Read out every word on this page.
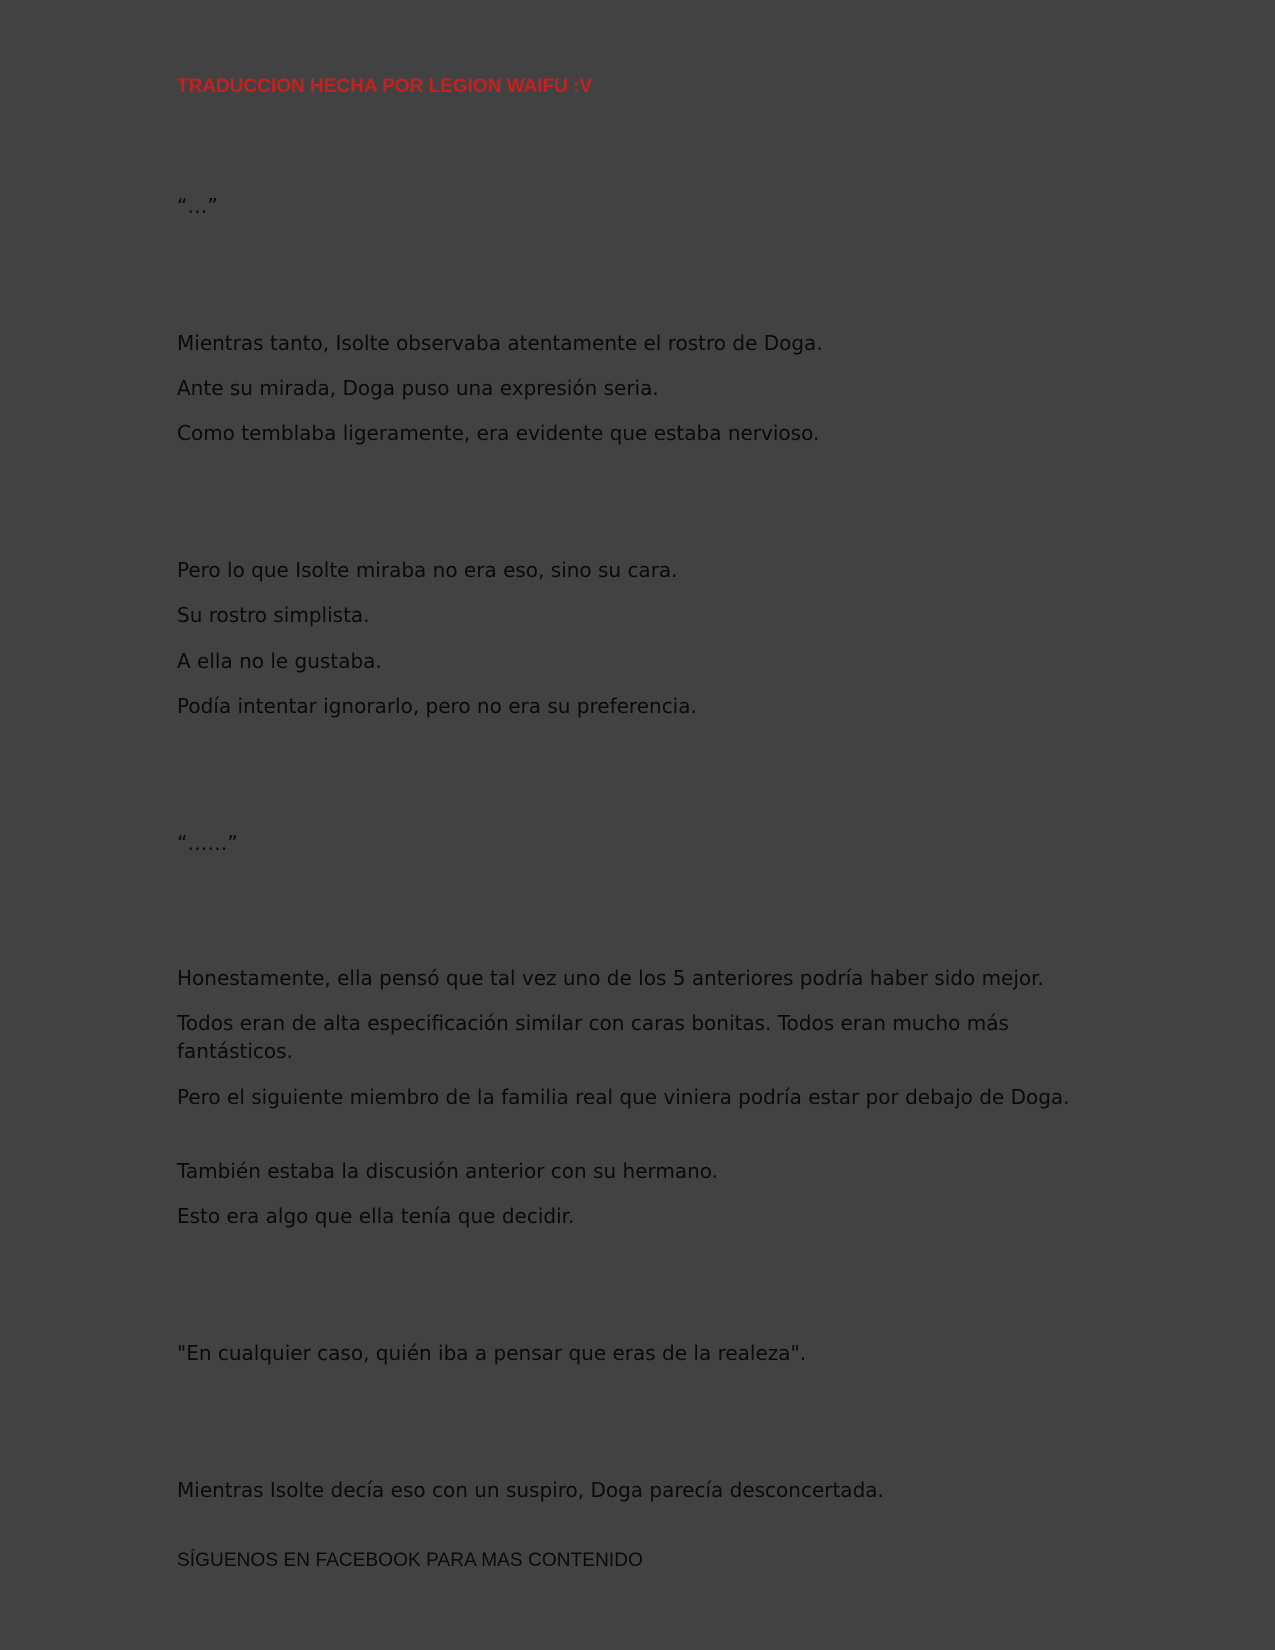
TRADUCCION HECHA POR LEGION WAIFU :V

“…”

Mientras tanto, Isolte observaba atentamente el rostro de Doga.

Ante su mirada, Doga puso una expresión seria.

Como temblaba ligeramente, era evidente que estaba nervioso.

Pero lo que Isolte miraba no era eso, sino su cara.

Su rostro simplista.

A ella no le gustaba.

Podía intentar ignorarlo, pero no era su preferencia.

“……”

Honestamente, ella pensó que tal vez uno de los 5 anteriores podría haber sido mejor.

Todos eran de alta especificación similar con caras bonitas. Todos eran mucho más fantásticos.

Pero el siguiente miembro de la familia real que viniera podría estar por debajo de Doga.

También estaba la discusión anterior con su hermano.

Esto era algo que ella tenía que decidir.

"En cualquier caso, quién iba a pensar que eras de la realeza".

Mientras Isolte decía eso con un suspiro, Doga parecía desconcertada.

SÍGUENOS EN FACEBOOK PARA MAS CONTENIDO
